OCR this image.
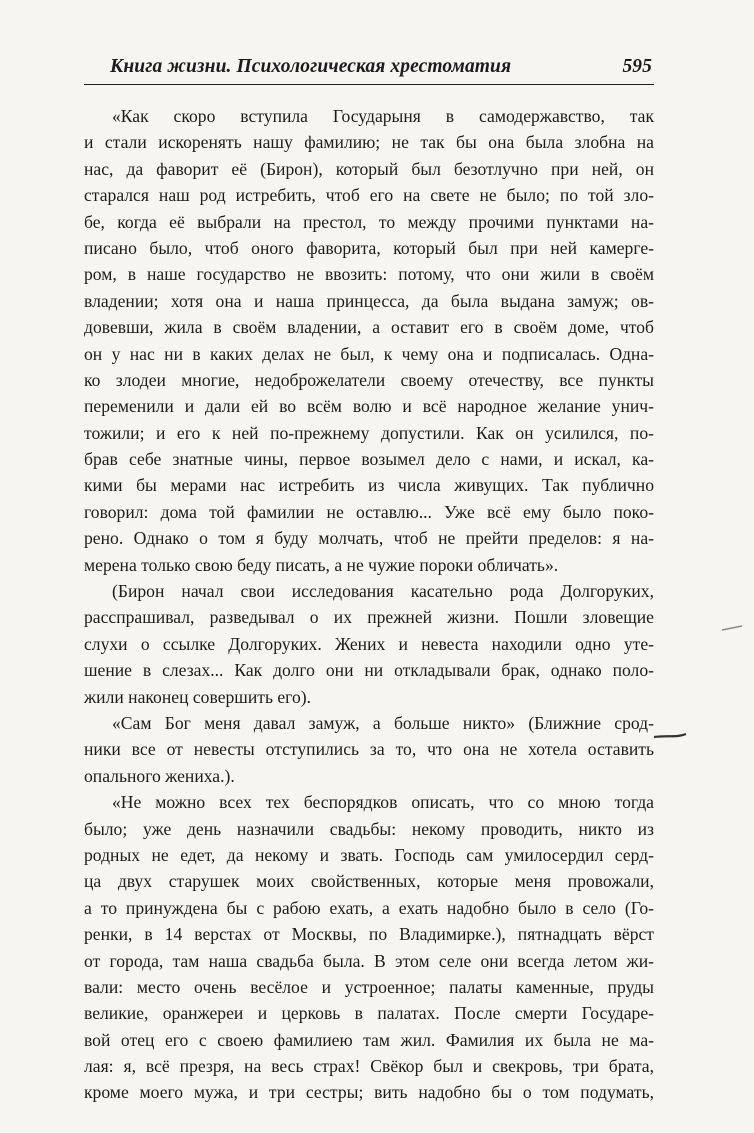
Книга жизни. Психологическая хрестоматия	595

«Как скоро вступила Государыня в самодержавство, так
и стали искоренять нашу фамилию; не так бы она была злобна на
нас, да фаворит её (Бирон), который был безотлучно при ней, он
старался наш род истребить, чтоб его на свете не было; по той зло-
бе, когда её выбрали на престол, то между прочими пунктами на-
писано было, чтоб оного фаворита, который был при ней камерге-
ром, в наше государство не ввозить: потому, что они жили в своём
владении; хотя она и наша принцесса, да была выдана замуж; ов-
довевши, жила в своём владении, а оставит его в своём доме, чтоб
он у нас ни в каких делах не был, к чему она и подписалась. Одна-
ко злодеи многие, недоброжелатели своему отечеству, все пункты
переменили и дали ей во всём волю и всё народное желание унич-
тожили; и его к ней по-прежнему допустили. Как он усилился, по-
брав себе знатные чины, первое возымел дело с нами, и искал, ка-
кими бы мерами нас истребить из числа живущих. Так публично
говорил: дома той фамилии не оставлю... Уже всё ему было поко-
рено. Однако о том я буду молчать, чтоб не прейти пределов: я на-
мерена только свою беду писать, а не чужие пороки обличать».

(Бирон начал свои исследования касательно рода Долгоруких,
расспрашивал, разведывал о их прежней жизни. Пошли зловещие
слухи о ссылке Долгоруких. Жених и невеста находили одно уте-
шение в слезах... Как долго они ни откладывали брак, однако поло-
жили наконец совершить его).

«Сам Бог меня давал замуж, а больше никто» (Ближние срод-
ники все от невесты отступились за то, что она не хотела оставить
опального жениха.).

«Не можно всех тех беспорядков описать, что со мною тогда
было; уже день назначили свадьбы: некому проводить, никто из
родных не едет, да некому и звать. Господь сам умилосердил серд-
ца двух старушек моих свойственных, которые меня провожали,
а то принуждена бы с рабою ехать, а ехать надобно было в село (Го-
ренки, в 14 верстах от Москвы, по Владимирке.), пятнадцать вёрст
от города, там наша свадьба была. В этом селе они всегда летом жи-
вали: место очень весёлое и устроенное; палаты каменные, пруды
великие, оранжереи и церковь в палатах. После смерти Государе-
вой отец его с своею фамилиею там жил. Фамилия их была не ма-
лая: я, всё презря, на весь страх! Свёкор был и свекровь, три брата,
кроме моего мужа, и три сестры; вить надобно бы о том подумать,
